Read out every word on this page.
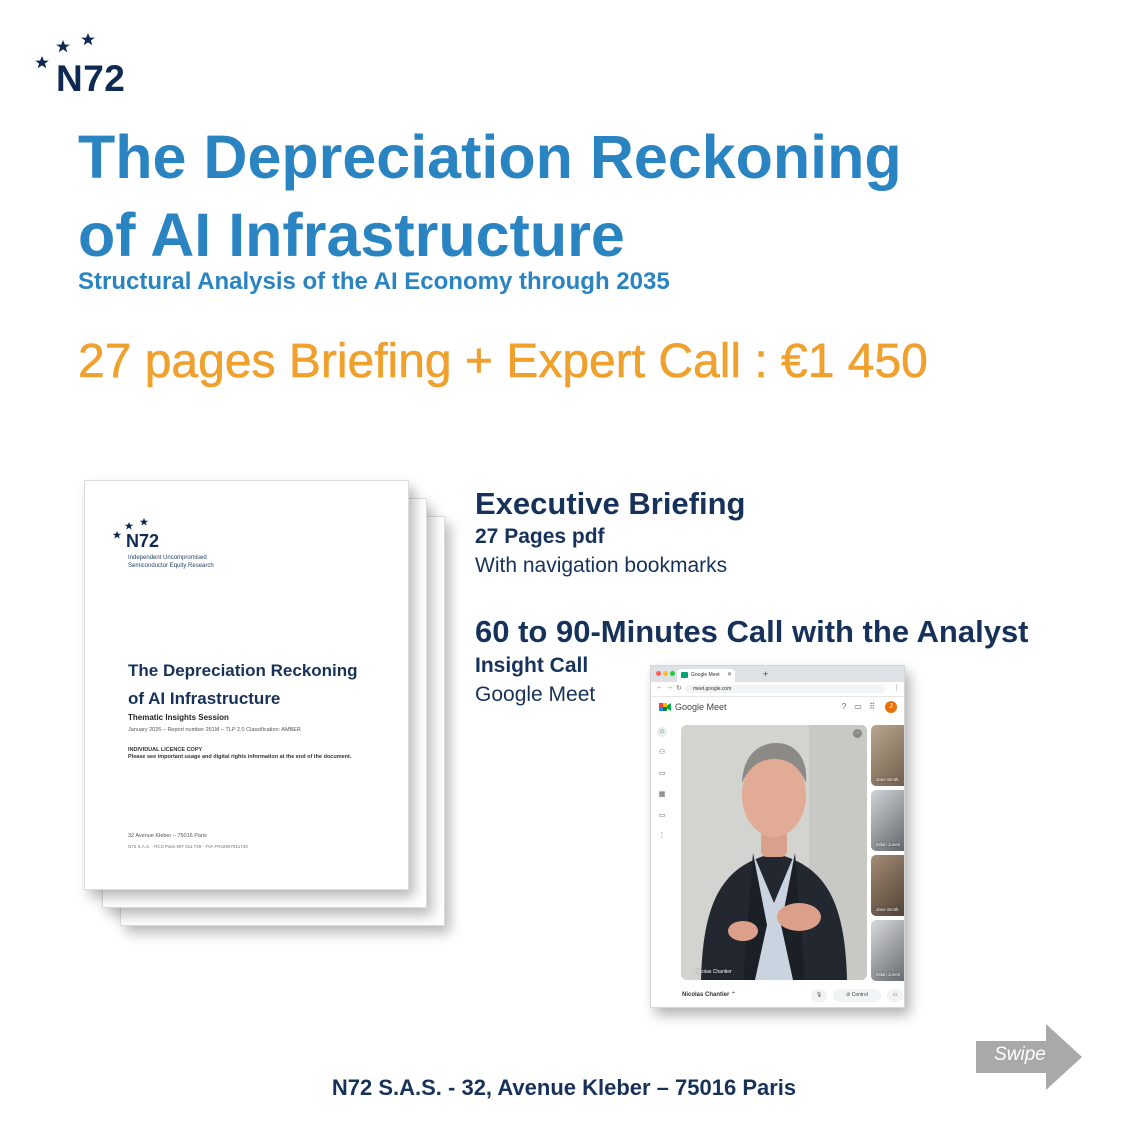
N72
The Depreciation Reckoning
of AI Infrastructure
Structural Analysis of the AI Economy through 2035
27 pages Briefing + Expert Call : €1 450
N72
Independent Uncompromised
Semiconductor Equity Research
The Depreciation Reckoning
of AI Infrastructure
Thematic Insights Session
January 2026 – Report number 261M – TLP 2.0 Classification: AMBER
INDIVIDUAL LICENCE COPY
Please see important usage and digital rights information at the end of the document.
32 Avenue Kleber – 75016 Paris
N72 S.A.S. - RCS Paris 997 911 749 - TVA FR42997911749
Executive Briefing
27 Pages pdf
With navigation bookmarks
60 to 90-Minutes Call with the Analyst
Insight Call
Google Meet
Google Meet ✕	+
← → ↻ meet.google.com	⋮
Google Meet	? ▭ ⠿	J
⌂
⚇
▭
▦
▭
⋮
⋯
Nicolas Chantier
Jane Smith
Milan Jones
Jane Smith
Milan Jones
Nicolas Chantier ⌃	🎙	⊘ Control	▭
Swipe
N72 S.A.S. - 32, Avenue Kleber – 75016 Paris
